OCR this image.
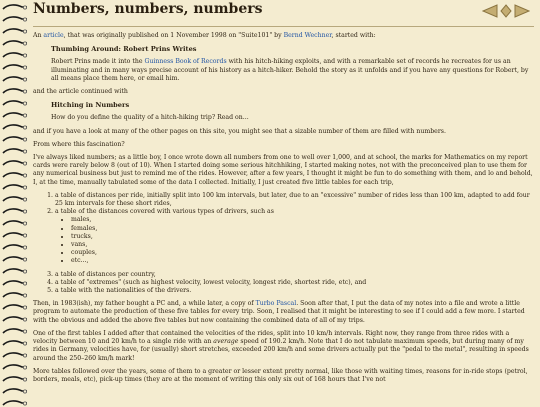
Numbers, numbers, numbers

An article, that was originally published on 1 November 1998 on "Suite101" by Bernd Wechner, started with:

Thumbing Around: Robert Prins Writes

Robert Prins made it into the Guinness Book of Records with his hitch-hiking exploits, and with a remarkable set of records he recreates for us an illuminating and in many ways precise account of his history as a hitch-hiker. Behold the story as it unfolds and if you have any questions for Robert, by all means place them here, or email him.

and the article continued with

Hitching in Numbers

How do you define the quality of a hitch-hiking trip? Read on...

and if you have a look at many of the other pages on this site, you might see that a sizable number of them are filled with numbers.

From where this fascination?

I've always liked numbers; as a little boy, I once wrote down all numbers from one to well over 1,000, and at school, the marks for Mathematics on my report cards were rarely below 8 (out of 10). When I started doing some serious hitchhiking, I started making notes, not with the preconceived plan to use them for any numerical business but just to remind me of the rides. However, after a few years, I thought it might be fun to do something with them, and lo and behold, I, at the time, manually tabulated some of the data I collected. Initially, I just created five little tables for each trip,

1. a table of distances per ride, initially split into 100 km intervals, but later, due to an "excessive" number of rides less than 100 km, adapted to add four 25 km intervals for these short rides,
2. a table of the distances covered with various types of drivers, such as
• males,
• females,
• trucks,
• vans,
• couples,
• etc...,
3. a table of distances per country,
4. a table of "extremes" (such as highest velocity, lowest velocity, longest ride, shortest ride, etc), and
5. a table with the nationalities of the drivers.

Then, in 1983(ish), my father bought a PC and, a while later, a copy of Turbo Pascal. Soon after that, I put the data of my notes into a file and wrote a little program to automate the production of these five tables for every trip. Soon, I realised that it might be interesting to see if I could add a few more. I started with the obvious and added the above five tables but now containing the combined data of all of my trips.

One of the first tables I added after that contained the velocities of the rides, split into 10 km/h intervals. Right now, they range from three rides with a velocity between 10 and 20 km/h to a single ride with an average speed of 190.2 km/h. Note that I do not tabulate maximum speeds, but during many of my rides in Germany, velocities have, for (usually) short stretches, exceeded 200 km/h and some drivers actually put the "pedal to the metal", resulting in speeds around the 250–260 km/h mark!

More tables followed over the years, some of them to a greater or lesser extent pretty normal, like those with waiting times, reasons for in-ride stops (petrol, borders, meals, etc), pick-up times (they are at the moment of writing this only six out of 168 hours that I've not
